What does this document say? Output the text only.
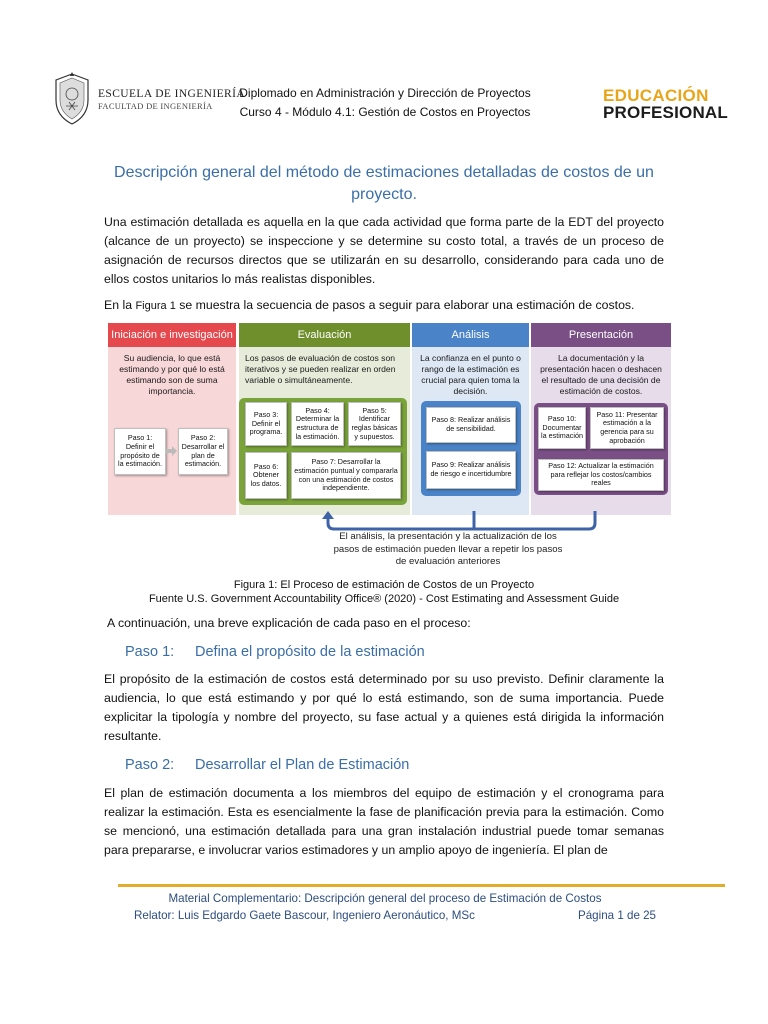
ESCUELA DE INGENIERÍA
FACULTAD DE INGENIERÍA
Diplomado en Administración y Dirección de Proyectos
Curso 4 - Módulo 4.1: Gestión de Costos en Proyectos
EDUCACIÓN
PROFESIONAL
Descripción general del método de estimaciones detalladas de costos de un proyecto.
Una estimación detallada es aquella en la que cada actividad que forma parte de la EDT del proyecto (alcance de un proyecto) se inspeccione y se determine su costo total, a través de un proceso de asignación de recursos directos que se utilizarán en su desarrollo, considerando para cada uno de ellos costos unitarios lo más realistas disponibles.
En la Figura 1 se muestra la secuencia de pasos a seguir para elaborar una estimación de costos.
Iniciación e investigación
Su audiencia, lo que está estimando y por qué lo está estimando son de suma importancia.
Evaluación
Los pasos de evaluación de costos son iterativos y se pueden realizar en orden variable o simultáneamente.
Análisis
La confianza en el punto o rango de la estimación es crucial para quien toma la decisión.
Presentación
La documentación y la presentación hacen o deshacen el resultado de una decisión de estimación de costos.
Paso 1: Definir el propósito de la estimación.
Paso 2: Desarrollar el plan de estimación.
Paso 3: Definir el programa.
Paso 4: Determinar la estructura de la estimación.
Paso 5: Identificar reglas básicas y supuestos.
Paso 6: Obtener los datos.
Paso 7: Desarrollar la estimación puntual y compararla con una estimación de costos independiente.
Paso 8: Realizar análisis de sensibilidad.
Paso 9: Realizar análisis de riesgo e incertidumbre
Paso 10: Documentar la estimación
Paso 11: Presentar estimación a la gerencia para su aprobación
Paso 12: Actualizar la estimación para reflejar los costos/cambios reales
El análisis, la presentación y la actualización de los pasos de estimación pueden llevar a repetir los pasos de evaluación anteriores
Figura 1: El Proceso de estimación de Costos de un Proyecto
Fuente U.S. Government Accountability Office® (2020) - Cost Estimating and Assessment Guide
A continuación, una breve explicación de cada paso en el proceso:
Paso 1: Defina el propósito de la estimación
El propósito de la estimación de costos está determinado por su uso previsto. Definir claramente la audiencia, lo que está estimando y por qué lo está estimando, son de suma importancia. Puede explicitar la tipología y nombre del proyecto, su fase actual y a quienes está dirigida la información resultante.
Paso 2: Desarrollar el Plan de Estimación
El plan de estimación documenta a los miembros del equipo de estimación y el cronograma para realizar la estimación. Esta es esencialmente la fase de planificación previa para la estimación. Como se mencionó, una estimación detallada para una gran instalación industrial puede tomar semanas para prepararse, e involucrar varios estimadores y un amplio apoyo de ingeniería. El plan de
Material Complementario: Descripción general del proceso de Estimación de Costos
Relator: Luis Edgardo Gaete Bascour, Ingeniero Aeronáutico, MSc	Página 1 de 25
